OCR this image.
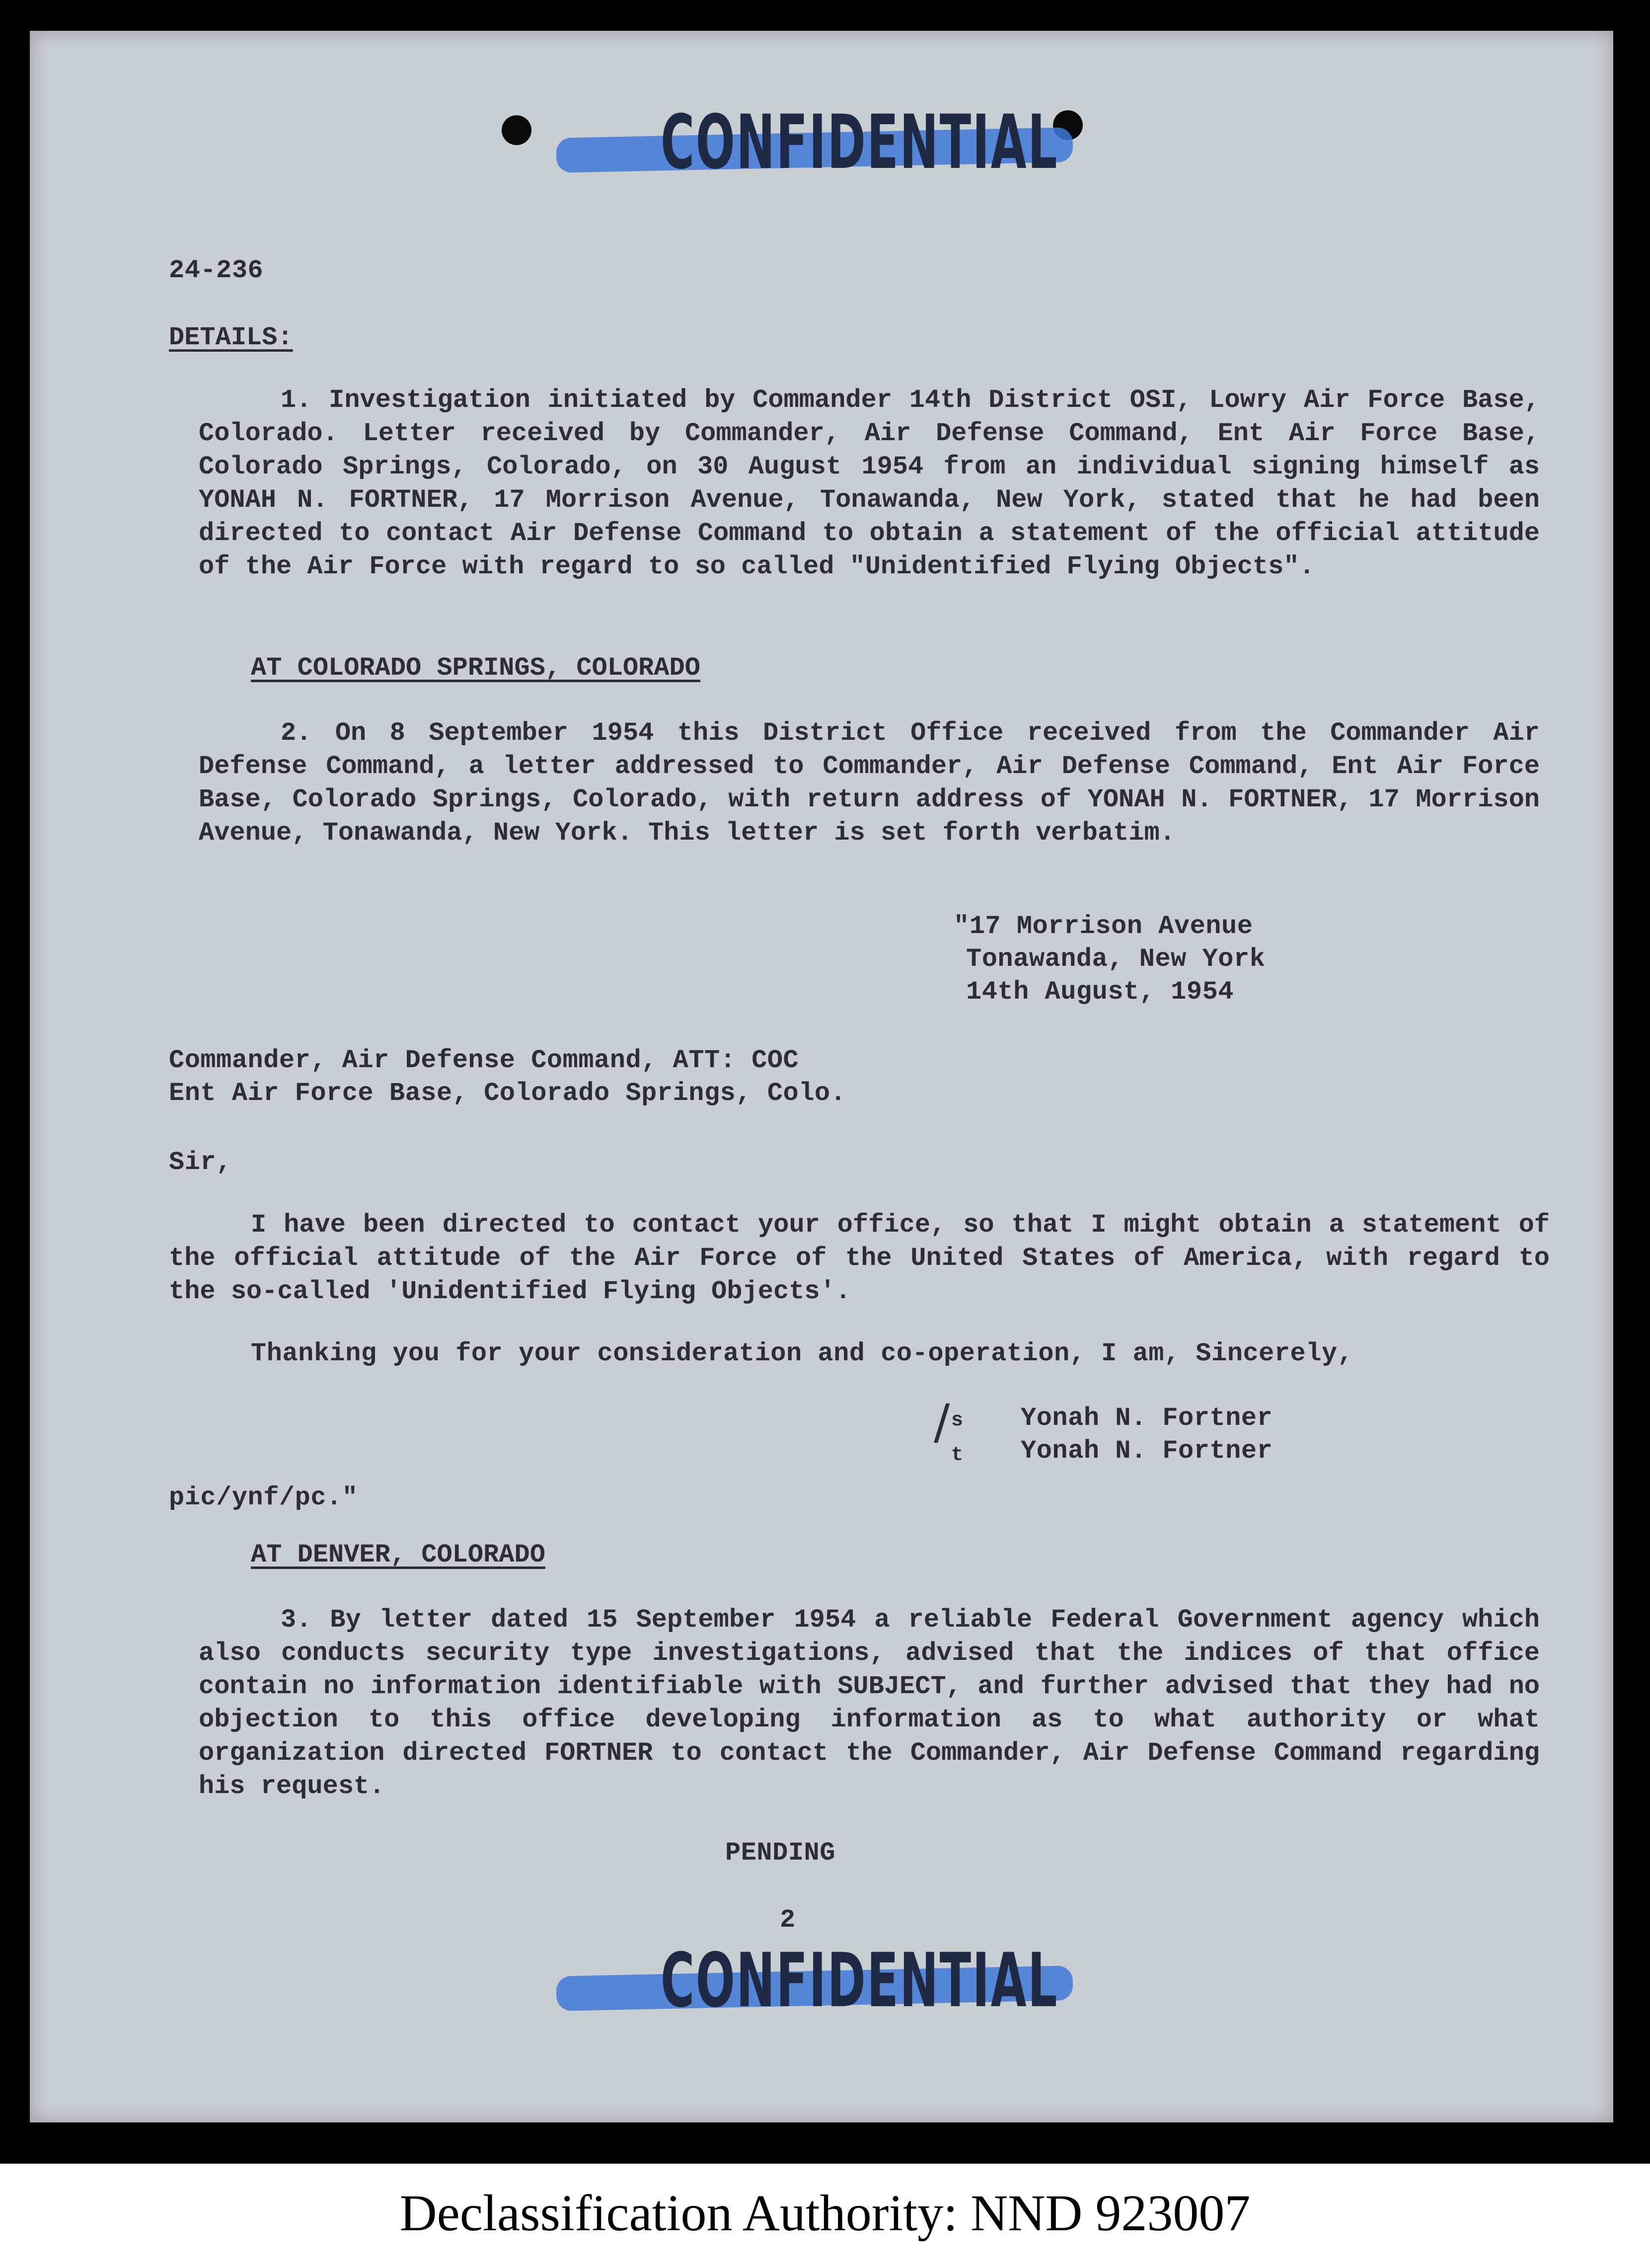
CONFIDENTIAL
24-236
DETAILS:
1. Investigation initiated by Commander 14th District OSI, Lowry Air Force Base, Colorado. Letter received by Commander, Air Defense Command, Ent Air Force Base, Colorado Springs, Colorado, on 30 August 1954 from an individual signing himself as YONAH N. FORTNER, 17 Morrison Avenue, Tonawanda, New York, stated that he had been directed to contact Air Defense Command to obtain a statement of the official attitude of the Air Force with regard to so called "Unidentified Flying Objects".
AT COLORADO SPRINGS, COLORADO
2. On 8 September 1954 this District Office received from the Commander Air Defense Command, a letter addressed to Commander, Air Defense Command, Ent Air Force Base, Colorado Springs, Colorado, with return address of YONAH N. FORTNER, 17 Morrison Avenue, Tonawanda, New York. This letter is set forth verbatim.
"17 Morrison Avenue
Tonawanda, New York
14th August, 1954
Commander, Air Defense Command, ATT: COC
Ent Air Force Base, Colorado Springs, Colo.
Sir,
I have been directed to contact your office, so that I might obtain a statement of the official attitude of the Air Force of the United States of America, with regard to the so-called 'Unidentified Flying Objects'.
Thanking you for your consideration and co-operation, I am, Sincerely,
/ s
t
Yonah N. Fortner
Yonah N. Fortner
pic/ynf/pc."
AT DENVER, COLORADO
3. By letter dated 15 September 1954 a reliable Federal Government agency which also conducts security type investigations, advised that the indices of that office contain no information identifiable with SUBJECT, and further advised that they had no objection to this office developing information as to what authority or what organization directed FORTNER to contact the Commander, Air Defense Command regarding his request.
PENDING
2
CONFIDENTIAL
Declassification Authority: NND 923007
